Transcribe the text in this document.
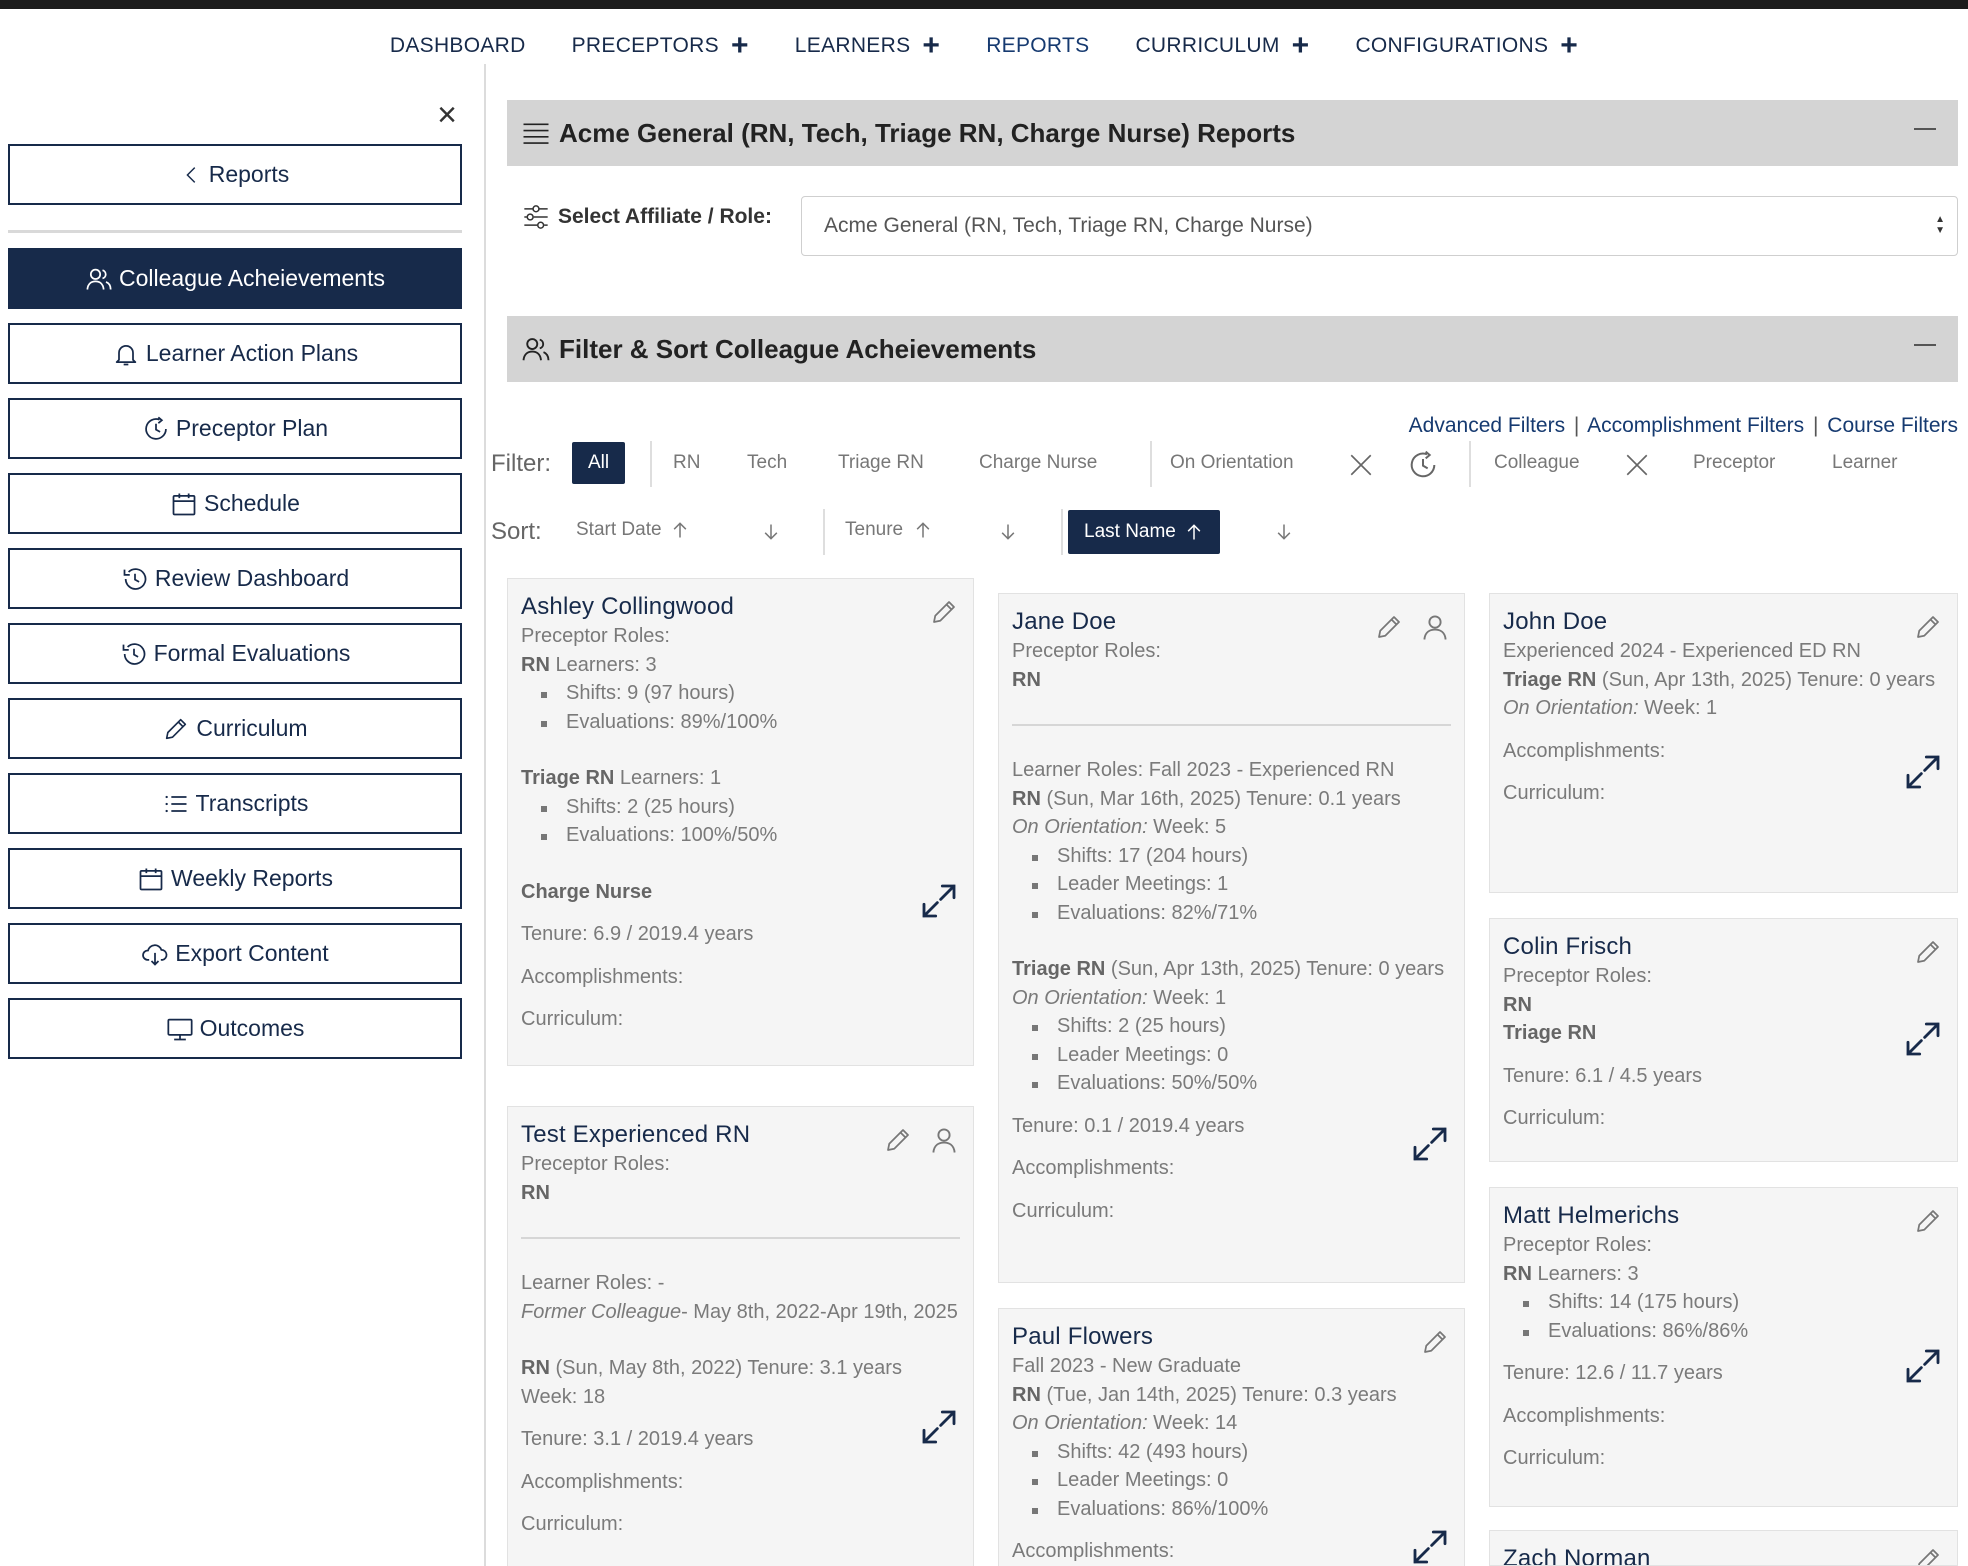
DASHBOARD PRECEPTORS + LEARNERS + REPORTS CURRICULUM + CONFIGURATIONS +
×
Reports
Colleague Acheievements
Learner Action Plans
Preceptor Plan
Schedule
Review Dashboard
Formal Evaluations
Curriculum
Transcripts
Weekly Reports
Export Content
Outcomes
Acme General (RN, Tech, Triage RN, Charge Nurse) Reports
Select Affiliate / Role: Acme General (RN, Tech, Triage RN, Charge Nurse)	▲
▼
Filter & Sort Colleague Acheievements
Advanced Filters | Accomplishment Filters | Course Filters
Filter:	All	RN Tech	Triage RN	Charge Nurse	On Orientation	Colleague	Preceptor	Learner
Sort: Start Date	Tenure	Last Name
Ashley Collingwood
Preceptor Roles:
RN Learners: 3
Shifts: 9 (97 hours)
Evaluations: 89%/100%
Triage RN Learners: 1
Shifts: 2 (25 hours)
Evaluations: 100%/50%
Charge Nurse
Tenure: 6.9 / 2019.4 years
Accomplishments:
Curriculum:
Test Experienced RN
Preceptor Roles:
RN
Learner Roles: -
Former Colleague- May 8th, 2022-Apr 19th, 2025
RN (Sun, May 8th, 2022) Tenure: 3.1 years
Week: 18
Tenure: 3.1 / 2019.4 years
Accomplishments:
Curriculum:
Jane Doe
Preceptor Roles:
RN
Learner Roles: Fall 2023 - Experienced RN
RN (Sun, Mar 16th, 2025) Tenure: 0.1 years
On Orientation: Week: 5
Shifts: 17 (204 hours)
Leader Meetings: 1
Evaluations: 82%/71%
Triage RN (Sun, Apr 13th, 2025) Tenure: 0 years
On Orientation: Week: 1
Shifts: 2 (25 hours)
Leader Meetings: 0
Evaluations: 50%/50%
Tenure: 0.1 / 2019.4 years
Accomplishments:
Curriculum:
Paul Flowers
Fall 2023 - New Graduate
RN (Tue, Jan 14th, 2025) Tenure: 0.3 years
On Orientation: Week: 14
Shifts: 42 (493 hours)
Leader Meetings: 0
Evaluations: 86%/100%
Accomplishments:
John Doe
Experienced 2024 - Experienced ED RN
Triage RN (Sun, Apr 13th, 2025) Tenure: 0 years
On Orientation: Week: 1
Accomplishments:
Curriculum:
Colin Frisch
Preceptor Roles:
RN
Triage RN
Tenure: 6.1 / 4.5 years
Curriculum:
Matt Helmerichs
Preceptor Roles:
RN Learners: 3
Shifts: 14 (175 hours)
Evaluations: 86%/86%
Tenure: 12.6 / 11.7 years
Accomplishments:
Curriculum:
Zach Norman
